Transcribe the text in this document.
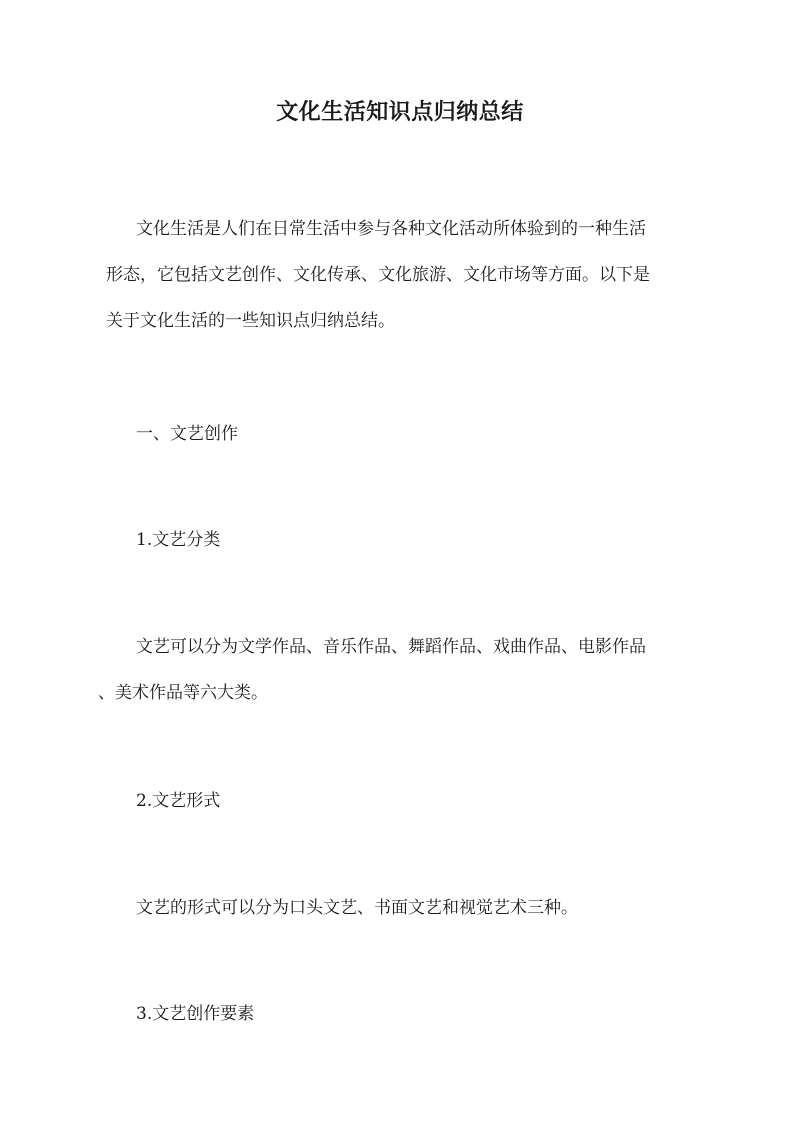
文化生活知识点归纳总结

文化生活是人们在日常生活中参与各种文化活动所体验到的一种生活
形态，它包括文艺创作、文化传承、文化旅游、文化市场等方面。以下是
关于文化生活的一些知识点归纳总结。

一、文艺创作
1.文艺分类

文艺可以分为文学作品、音乐作品、舞蹈作品、戏曲作品、电影作品
、美术作品等六大类。

2.文艺形式

文艺的形式可以分为口头文艺、书面文艺和视觉艺术三种。

3.文艺创作要素
